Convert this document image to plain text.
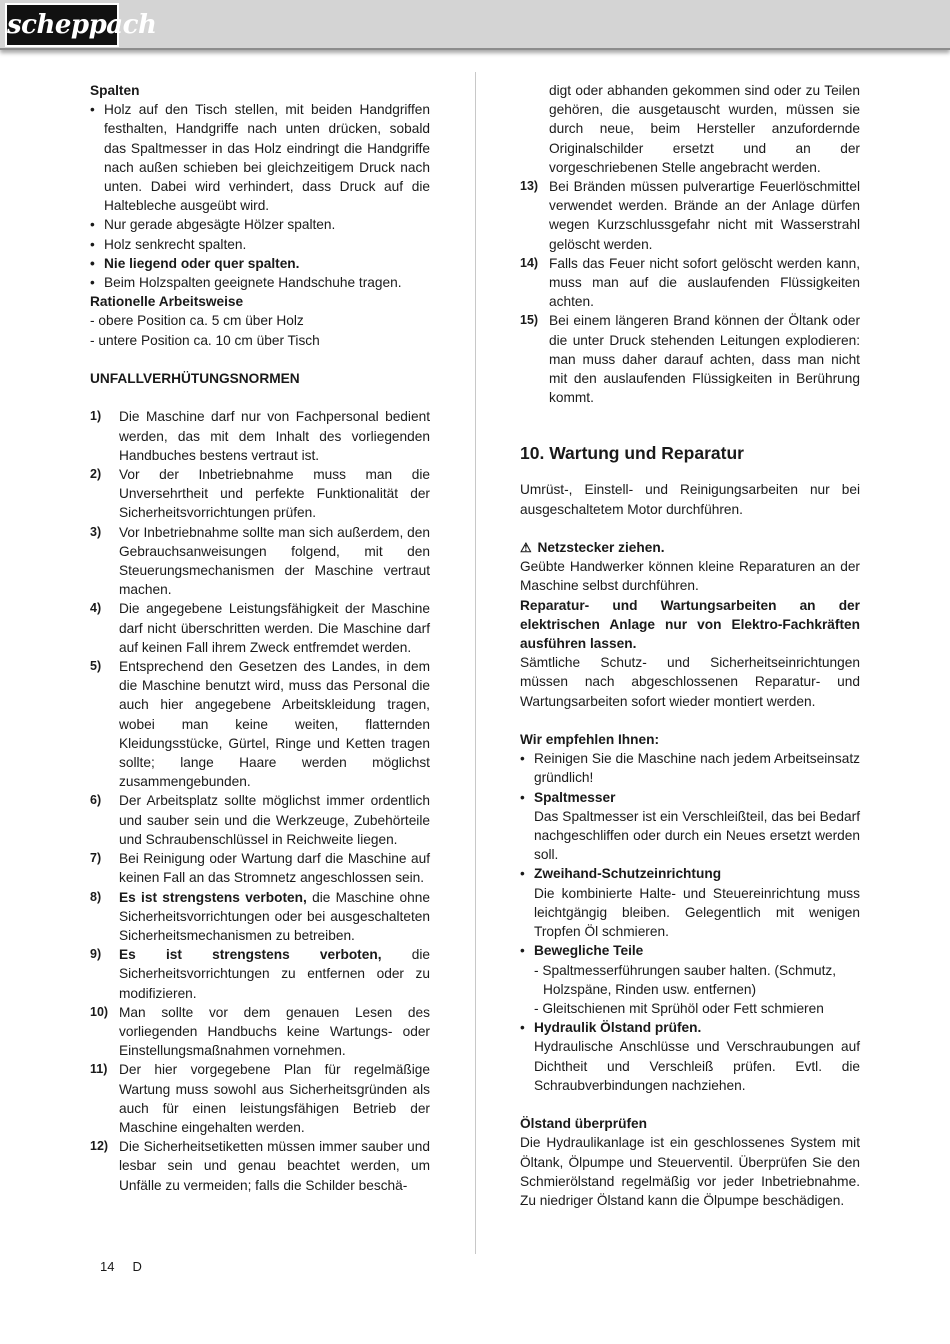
scheppach

Spalten

• Holz auf den Tisch stellen, mit beiden Handgriffen festhalten, Handgriffe nach unten drücken, sobald das Spaltmesser in das Holz eindringt die Handgriffe nach außen schieben bei gleichzeitigem Druck nach unten. Dabei wird verhindert, dass Druck auf die Haltebleche ausgeübt wird.
• Nur gerade abgesägte Hölzer spalten.
• Holz senkrecht spalten.
• Nie liegend oder quer spalten.
• Beim Holzspalten geeignete Handschuhe tragen.

Rationelle Arbeitsweise

- obere Position ca. 5 cm über Holz

- untere Position ca. 10 cm über Tisch

UNFALLVERHÜTUNGSNORMEN

1)	Die Maschine darf nur von Fachpersonal bedient werden, das mit dem Inhalt des vorliegenden Handbuches bestens vertraut ist.
2)	Vor der Inbetriebnahme muss man die Unversehrtheit und perfekte Funktionalität der Sicherheitsvorrichtungen prüfen.
3)	Vor Inbetriebnahme sollte man sich außerdem, den Gebrauchsanweisungen folgend, mit den Steuerungsmechanismen der Maschine vertraut machen.
4)	Die angegebene Leistungsfähigkeit der Maschine darf nicht überschritten werden. Die Maschine darf auf keinen Fall ihrem Zweck entfremdet werden.
5)	Entsprechend den Gesetzen des Landes, in dem die Maschine benutzt wird, muss das Personal die auch hier angegebene Arbeitskleidung tragen, wobei man keine weiten, flatternden Kleidungsstücke, Gürtel, Ringe und Ketten tragen sollte; lange Haare werden möglichst zusammengebunden.
6)	Der Arbeitsplatz sollte möglichst immer ordentlich und sauber sein und die Werkzeuge, Zubehörteile und Schraubenschlüssel in Reichweite liegen.
7)	Bei Reinigung oder Wartung darf die Maschine auf keinen Fall an das Stromnetz angeschlossen sein.
8)	Es ist strengstens verboten, die Maschine ohne Sicherheitsvorrichtungen oder bei ausgeschalteten Sicherheitsmechanismen zu betreiben.
9)	Es ist strengstens verboten, die Sicherheitsvorrichtungen zu entfernen oder zu modifizieren.
10) Man sollte vor dem genauen Lesen des vorliegenden Handbuchs keine Wartungs- oder Einstellungsmaßnahmen vornehmen.
11) Der hier vorgegebene Plan für regelmäßige Wartung muss sowohl aus Sicherheitsgründen als auch für einen leistungsfähigen Betrieb der Maschine eingehalten werden.
12) Die Sicherheitsetiketten müssen immer sauber und lesbar sein und genau beachtet werden, um Unfälle zu vermeiden; falls die Schilder beschä-

digt oder abhanden gekommen sind oder zu Teilen gehören, die ausgetauscht wurden, müssen sie durch neue, beim Hersteller anzufordernde Originalschilder ersetzt und an der vorgeschriebenen Stelle angebracht werden.

13) Bei Bränden müssen pulverartige Feuerlöschmittel verwendet werden. Brände an der Anlage dürfen wegen Kurzschlussgefahr nicht mit Wasserstrahl gelöscht werden.
14) Falls das Feuer nicht sofort gelöscht werden kann, muss man auf die auslaufenden Flüssigkeiten achten.
15) Bei einem längeren Brand können der Öltank oder die unter Druck stehenden Leitungen explodieren: man muss daher darauf achten, dass man nicht mit den auslaufenden Flüssigkeiten in Berührung kommt.

10. Wartung und Reparatur

Umrüst-, Einstell- und Reinigungsarbeiten nur bei ausgeschaltetem Motor durchführen.

⚠ Netzstecker ziehen.

Geübte Handwerker können kleine Reparaturen an der Maschine selbst durchführen.

Reparatur- und Wartungsarbeiten an der elektrischen Anlage nur von Elektro-Fachkräften ausführen lassen.

Sämtliche Schutz- und Sicherheitseinrichtungen müssen nach abgeschlossenen Reparatur- und Wartungsarbeiten sofort wieder montiert werden.

Wir empfehlen Ihnen:

• Reinigen Sie die Maschine nach jedem Arbeitseinsatz gründlich!
• Spaltmesser

Das Spaltmesser ist ein Verschleißteil, das bei Bedarf nachgeschliffen oder durch ein Neues ersetzt werden soll.

• Zweihand-Schutzeinrichtung

Die kombinierte Halte- und Steuereinrichtung muss leichtgängig bleiben. Gelegentlich mit wenigen Tropfen Öl schmieren.

• Bewegliche Teile

- Spaltmesserführungen sauber halten. (Schmutz,

Holzspäne, Rinden usw. entfernen)

- Gleitschienen mit Sprühöl oder Fett schmieren

• Hydraulik Ölstand prüfen.

Hydraulische Anschlüsse und Verschraubungen auf Dichtheit und Verschleiß prüfen. Evtl. die Schraubverbindungen nachziehen.

Ölstand überprüfen

Die Hydraulikanlage ist ein geschlossenes System mit Öltank, Ölpumpe und Steuerventil. Überprüfen Sie den Schmierölstand regelmäßig vor jeder Inbetriebnahme. Zu niedriger Ölstand kann die Ölpumpe beschädigen.

14 D
